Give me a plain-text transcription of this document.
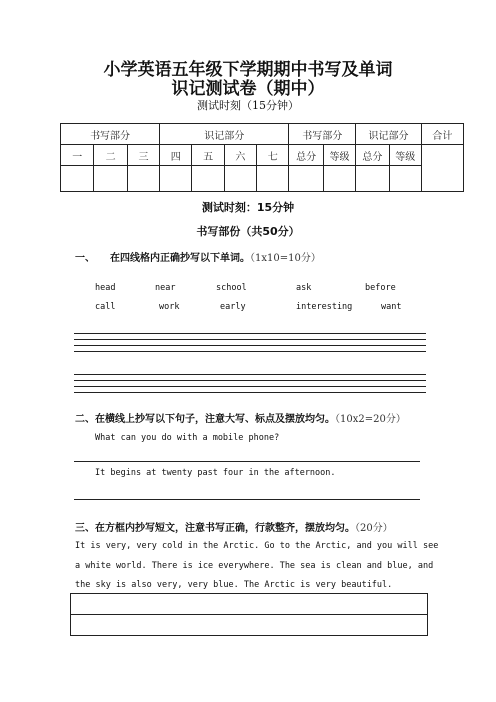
小学英语五年级下学期期中书写及单词
识记测试卷（期中）
测试时刻（15分钟）
书写部分			识记部分				书写部分		识记部分		合计
一	二	三	四	五	六	七	总分	等级	总分	等级	

测试时刻：15分钟
书写部份（共50分）
一、 在四线格内正确抄写以下单词。（1x10=10分）
head	near	school	ask	before
call	work	early	interesting	want
二、在横线上抄写以下句子，注意大写、标点及摆放均匀。（10x2=20分）
What can you do with a mobile phone?
It begins at twenty past four in the afternoon.
三、在方框内抄写短文，注意书写正确，行款整齐，摆放均匀。（20分）
It is very, very cold in the Arctic. Go to the Arctic, and you will see
a white world. There is ice everywhere. The sea is clean and blue, and
the sky is also very, very blue. The Arctic is very beautiful.
